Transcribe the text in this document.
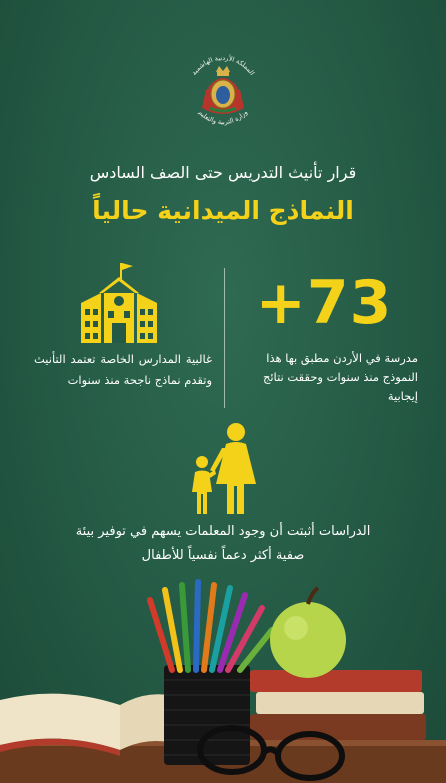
المملكة الأردنية الهاشمية
وزارة التربية والتعليم
قرار تأنيث التدريس حتى الصف السادس
النماذج الميدانية حالياً
غالبية المدارس الخاصة تعتمد التأنيث وتقدم نماذج ناجحة منذ سنوات
+73
مدرسة في الأردن مطبق بها هذا النموذج منذ سنوات وحققت نتائج إيجابية
الدراسات أثبتت أن وجود المعلمات يسهم في توفير بيئة صفية أكثر دعماً نفسياً للأطفال
